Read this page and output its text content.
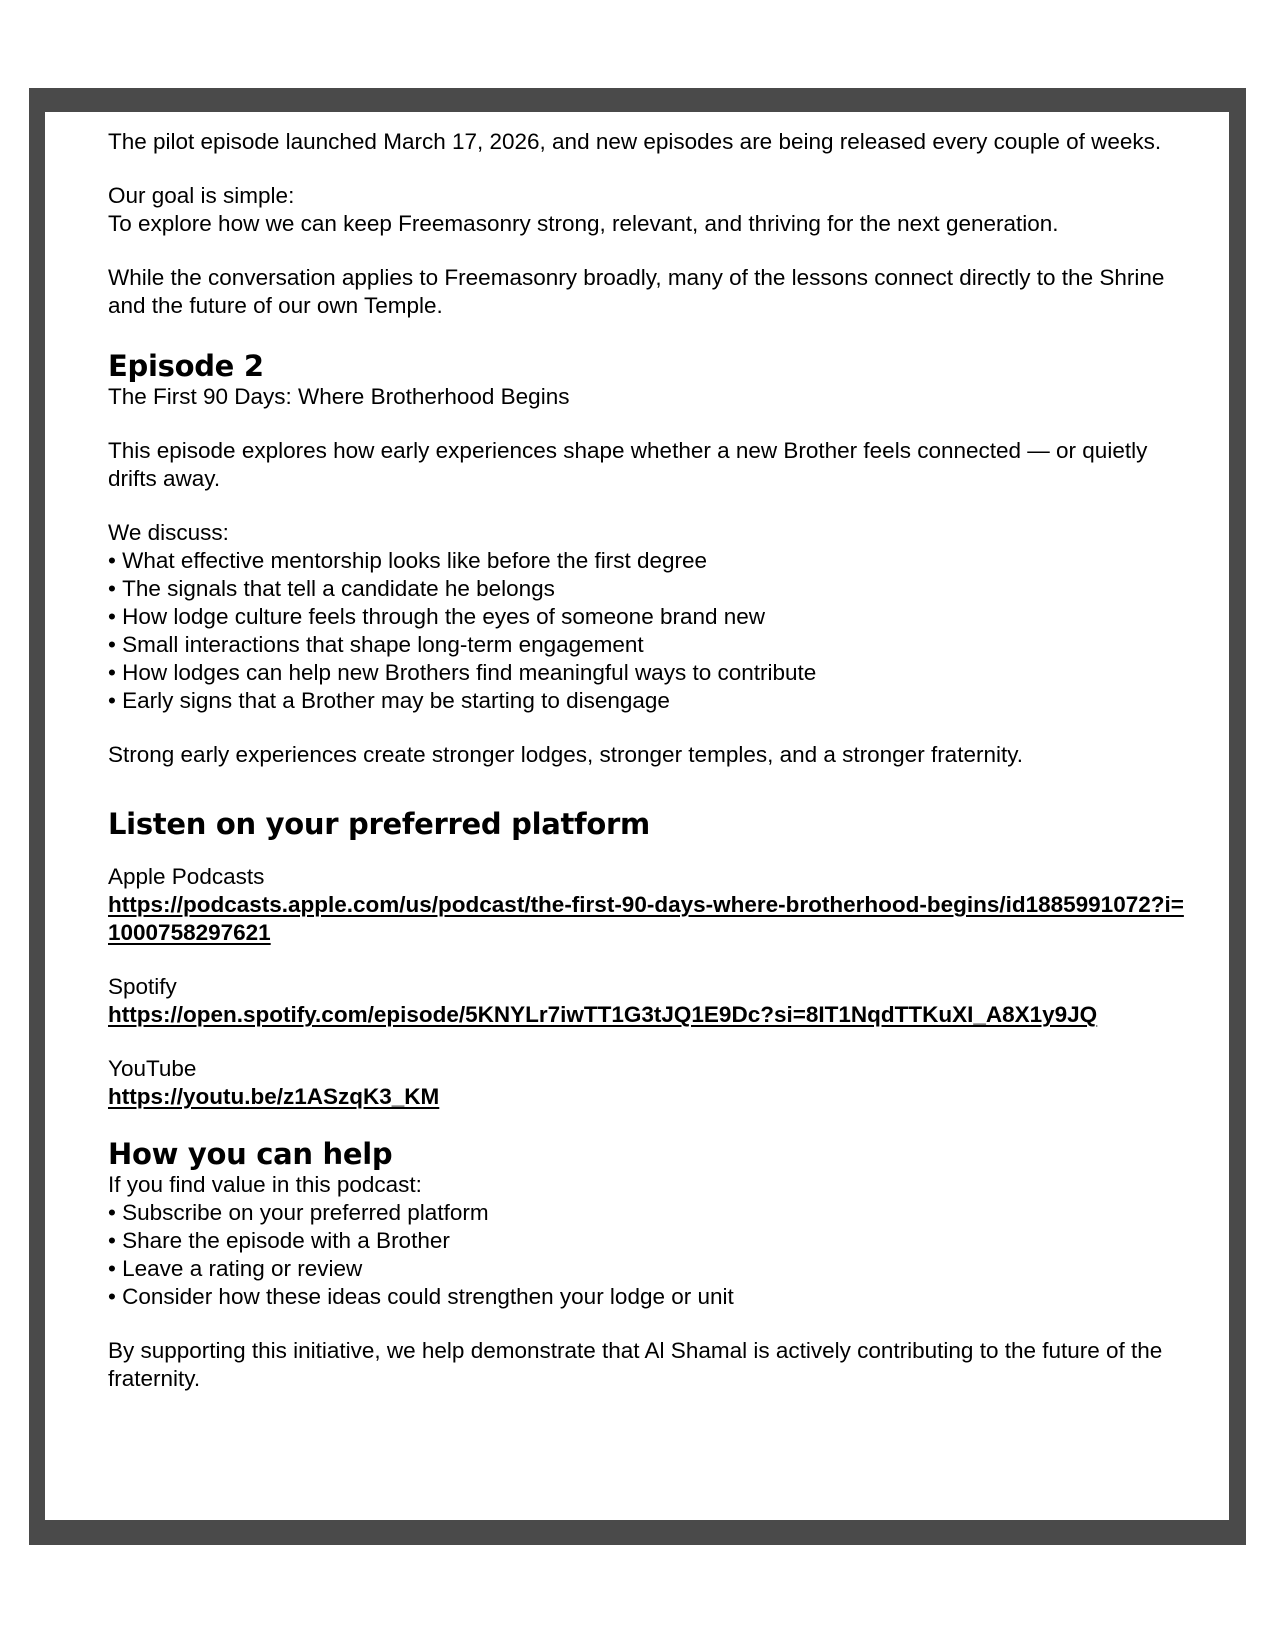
The pilot episode launched March 17, 2026, and new episodes are being released every couple of weeks.

Our goal is simple:

To explore how we can keep Freemasonry strong, relevant, and thriving for the next generation.

While the conversation applies to Freemasonry broadly, many of the lessons connect directly to the Shrine and the future of our own Temple.

Episode 2

The First 90 Days: Where Brotherhood Begins

This episode explores how early experiences shape whether a new Brother feels connected — or quietly drifts away.

We discuss:

• What effective mentorship looks like before the first degree
• The signals that tell a candidate he belongs
• How lodge culture feels through the eyes of someone brand new
• Small interactions that shape long-term engagement
• How lodges can help new Brothers find meaningful ways to contribute
• Early signs that a Brother may be starting to disengage

Strong early experiences create stronger lodges, stronger temples, and a stronger fraternity.

Listen on your preferred platform

Apple Podcasts

https://podcasts.apple.com/us/podcast/the-first-90-days-where-brotherhood-begins/id1885991072?i=1000758297621

Spotify

https://open.spotify.com/episode/5KNYLr7iwTT1G3tJQ1E9Dc?si=8IT1NqdTTKuXI_A8X1y9JQ

YouTube

https://youtu.be/z1ASzqK3_KM
How you can help

If you find value in this podcast:

• Subscribe on your preferred platform
• Share the episode with a Brother
• Leave a rating or review
• Consider how these ideas could strengthen your lodge or unit

By supporting this initiative, we help demonstrate that Al Shamal is actively contributing to the future of the fraternity.
